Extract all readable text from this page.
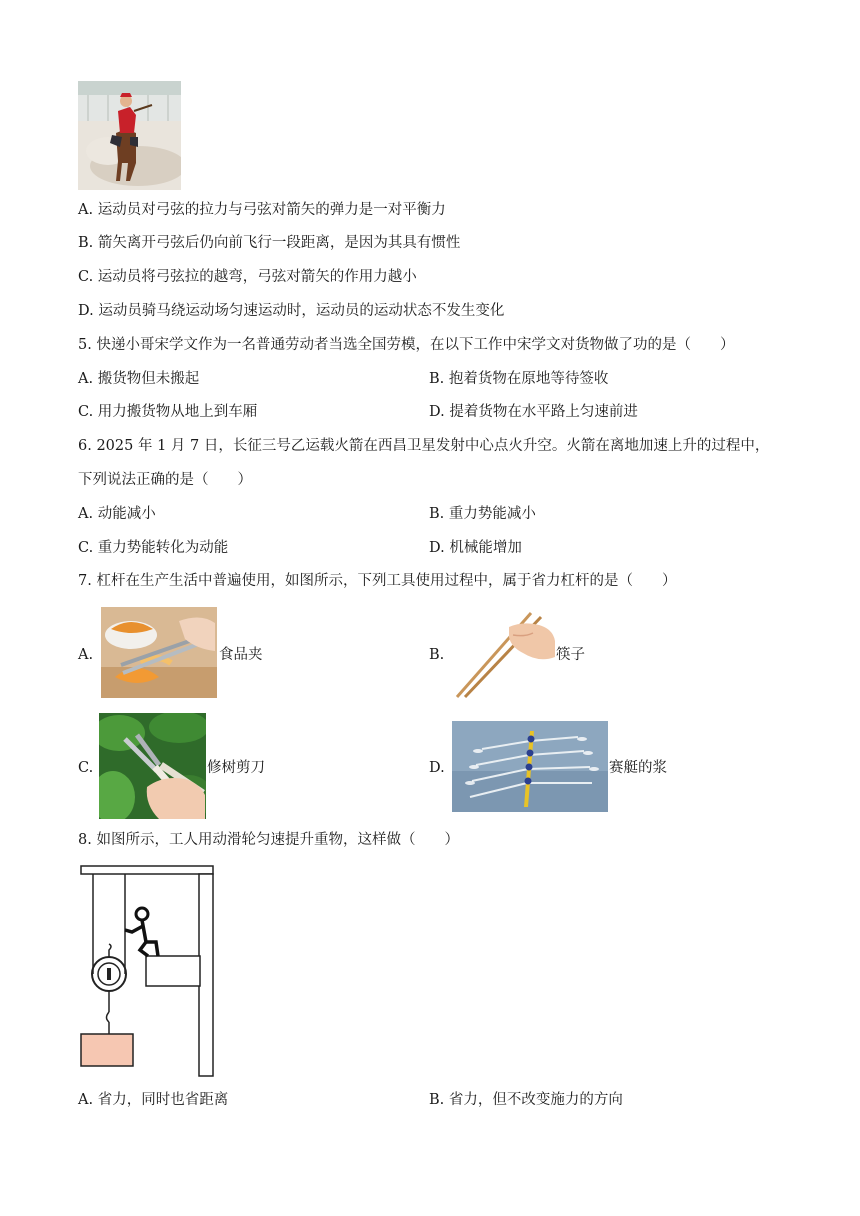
A. 运动员对弓弦的拉力与弓弦对箭矢的弹力是一对平衡力
B. 箭矢离开弓弦后仍向前飞行一段距离，是因为其具有惯性
C. 运动员将弓弦拉的越弯，弓弦对箭矢的作用力越小
D. 运动员骑马绕运动场匀速运动时，运动员的运动状态不发生变化
5. 快递小哥宋学文作为一名普通劳动者当选全国劳模，在以下工作中宋学文对货物做了功的是（　　）
A. 搬货物但未搬起	B. 抱着货物在原地等待签收
C. 用力搬货物从地上到车厢	D. 提着货物在水平路上匀速前进
6. 2025 年 1 月 7 日，长征三号乙运载火箭在西昌卫星发射中心点火升空。火箭在离地加速上升的过程中，
下列说法正确的是（　　）
A. 动能减小	B. 重力势能减小
C. 重力势能转化为动能	D. 机械能增加
7. 杠杆在生产生活中普遍使用，如图所示，下列工具使用过程中，属于省力杠杆的是（　　）
A.	食品夹	B.	筷子
C.	修树剪刀	D.	赛艇的浆
8. 如图所示，工人用动滑轮匀速提升重物，这样做（　　）
A. 省力，同时也省距离	B. 省力，但不改变施力的方向
